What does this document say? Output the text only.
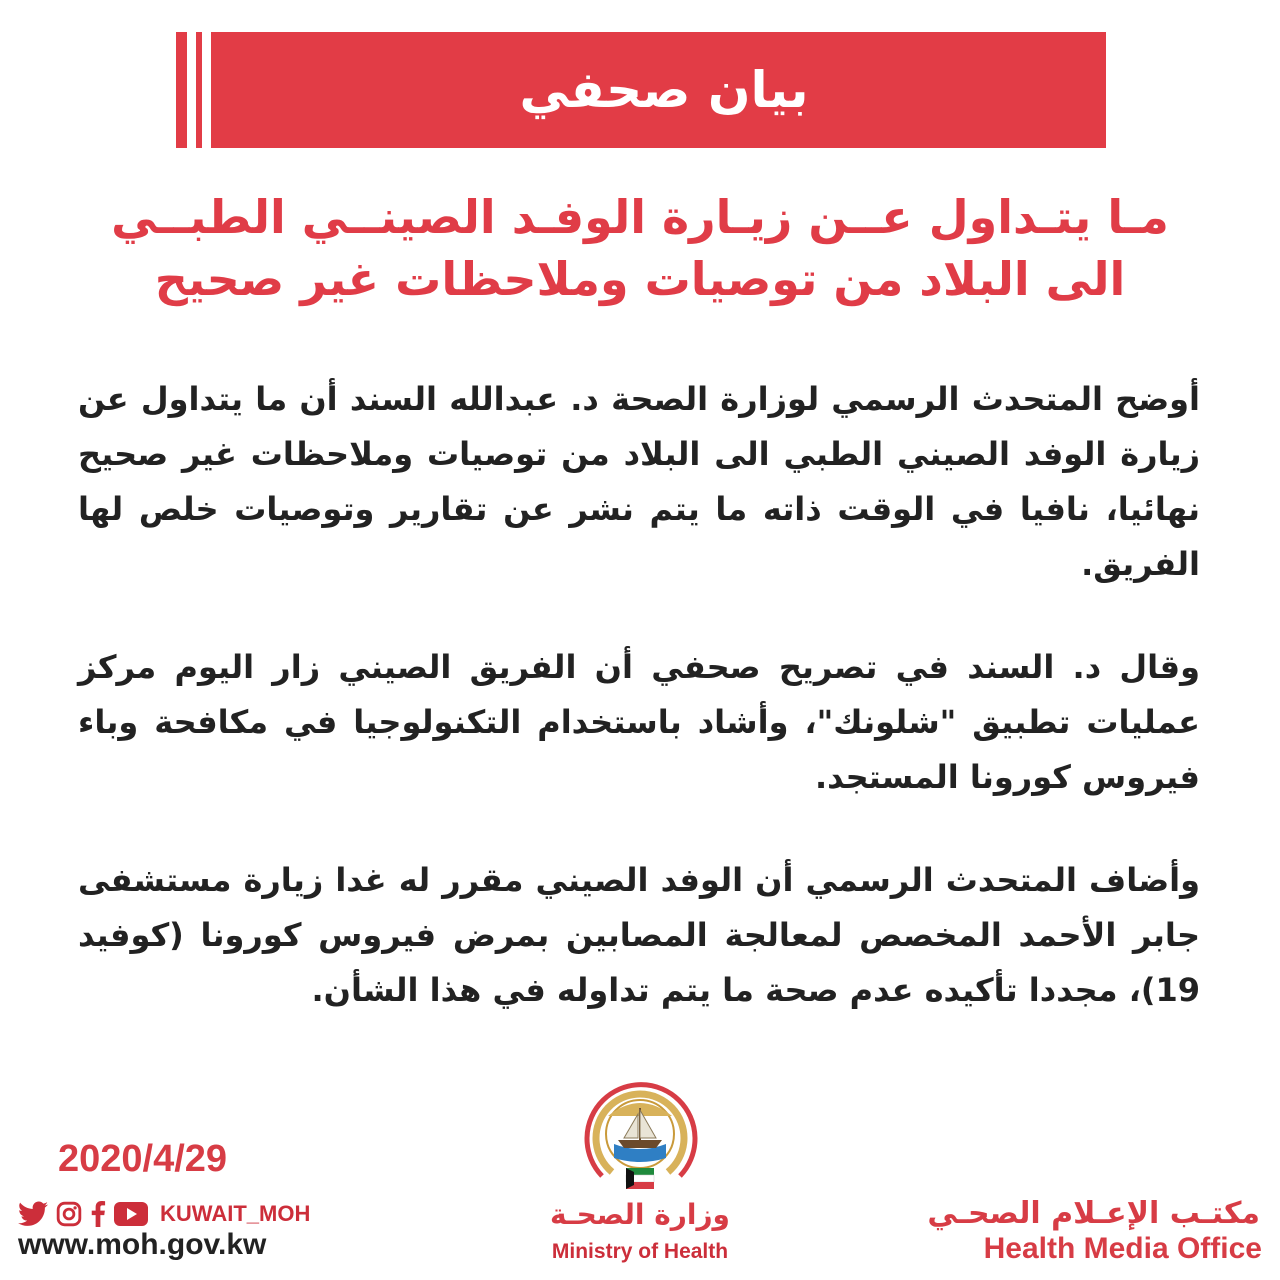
بيان صحفي
مـا يتـداول عــن زيـارة الوفـد الصينــي الطبــي
الى البلاد من توصيات وملاحظات غير صحيح

أوضح المتحدث الرسمي لوزارة الصحة د. عبدالله السند أن ما يتداول عن زيارة الوفد الصيني الطبي الى البلاد من توصيات وملاحظات غير صحيح نهائيا، نافيا في الوقت ذاته ما يتم نشر عن تقارير وتوصيات خلص لها الفريق.

وقال د. السند في تصريح صحفي أن الفريق الصيني زار اليوم مركز عمليات تطبيق "شلونك"، وأشاد باستخدام التكنولوجيا في مكافحة وباء فيروس كورونا المستجد.

وأضاف المتحدث الرسمي أن الوفد الصيني مقرر له غدا زيارة مستشفى جابر الأحمد المخصص لمعالجة المصابين بمرض فيروس كورونا (كوفيد 19)، مجددا تأكيده عدم صحة ما يتم تداوله في هذا الشأن.

2020/4/29
KUWAIT_MOH
www.moh.gov.kw
وزارة الصحـة
Ministry of Health
مكتـب الإعـلام الصحـي
Health Media Office
